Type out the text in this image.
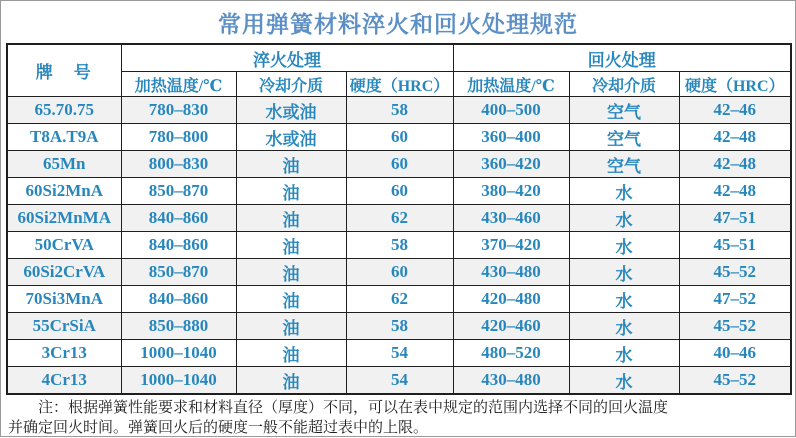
常用弹簧材料淬火和回火处理规范
牌　号	淬火处理			回火处理		
	加热温度/℃	冷却介质	硬度（HRC）	加热温度/℃	冷却介质	硬度（HRC）
65.70.75	780–830	水或油	58	400–500	空气	42–46
T8A.T9A	780–800	水或油	60	360–400	空气	42–48
65Mn	800–830	油	60	360–420	空气	42–48
60Si2MnA	850–870	油	60	380–420	水	42–48
60Si2MnMA	840–860	油	62	430–460	水	47–51
50CrVA	840–860	油	58	370–420	水	45–51
60Si2CrVA	850–870	油	60	430–480	水	45–52
70Si3MnA	840–860	油	62	420–480	水	47–52
55CrSiA	850–880	油	58	420–460	水	45–52
3Cr13	1000–1040	油	54	480–520	水	40–46
4Cr13	1000–1040	油	54	430–480	水	45–52
注：根据弹簧性能要求和材料直径（厚度）不同，可以在表中规定的范围内选择不同的回火温度
并确定回火时间。弹簧回火后的硬度一般不能超过表中的上限。
